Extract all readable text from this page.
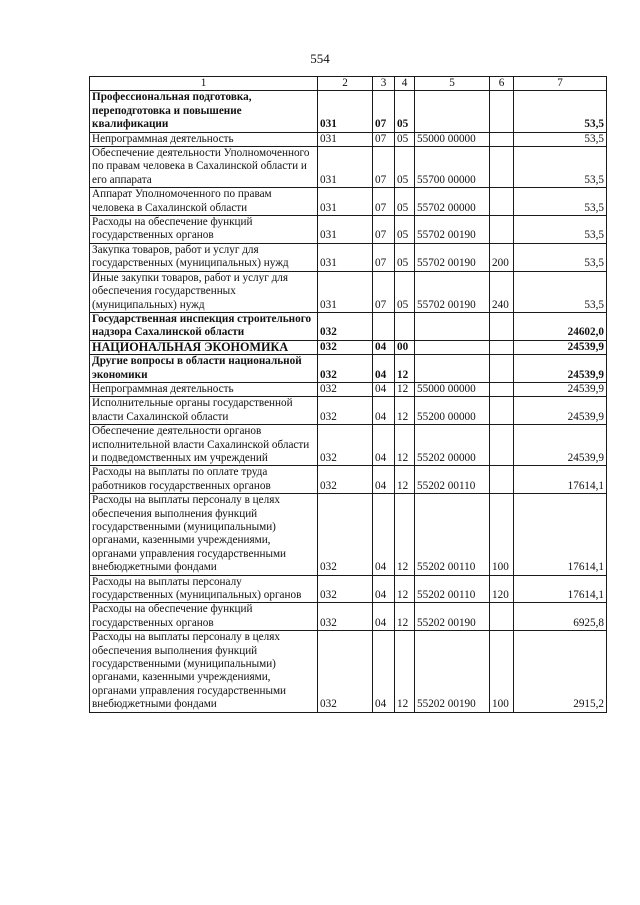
554
1	2	3	4	5	6	7
Профессиональная подготовка, переподготовка и повышение квалификации	031	07	05			53,5
Непрограммная деятельность	031	07	05	55000 00000		53,5
Обеспечение деятельности Уполномоченного по правам человека в Сахалинской области и его аппарата	031	07	05	55700 00000		53,5
Аппарат Уполномоченного по правам человека в Сахалинской области	031	07	05	55702 00000		53,5
Расходы на обеспечение функций государственных органов	031	07	05	55702 00190		53,5
Закупка товаров, работ и услуг для государственных (муниципальных) нужд	031	07	05	55702 00190	200	53,5
Иные закупки товаров, работ и услуг для обеспечения государственных (муниципальных) нужд	031	07	05	55702 00190	240	53,5
Государственная инспекция строительного надзора Сахалинской области	032					24602,0
НАЦИОНАЛЬНАЯ ЭКОНОМИКА	032	04	00			24539,9
Другие вопросы в области национальной экономики	032	04	12			24539,9
Непрограммная деятельность	032	04	12	55000 00000		24539,9
Исполнительные органы государственной власти Сахалинской области	032	04	12	55200 00000		24539,9
Обеспечение деятельности органов исполнительной власти Сахалинской области и подведомственных им учреждений	032	04	12	55202 00000		24539,9
Расходы на выплаты по оплате труда работников государственных органов	032	04	12	55202 00110		17614,1
Расходы на выплаты персоналу в целях обеспечения выполнения функций государственными (муниципальными) органами, казенными учреждениями, органами управления государственными внебюджетными фондами	032	04	12	55202 00110	100	17614,1
Расходы на выплаты персоналу государственных (муниципальных) органов	032	04	12	55202 00110	120	17614,1
Расходы на обеспечение функций государственных органов	032	04	12	55202 00190		6925,8
Расходы на выплаты персоналу в целях обеспечения выполнения функций государственными (муниципальными) органами, казенными учреждениями, органами управления государственными внебюджетными фондами	032	04	12	55202 00190	100	2915,2
